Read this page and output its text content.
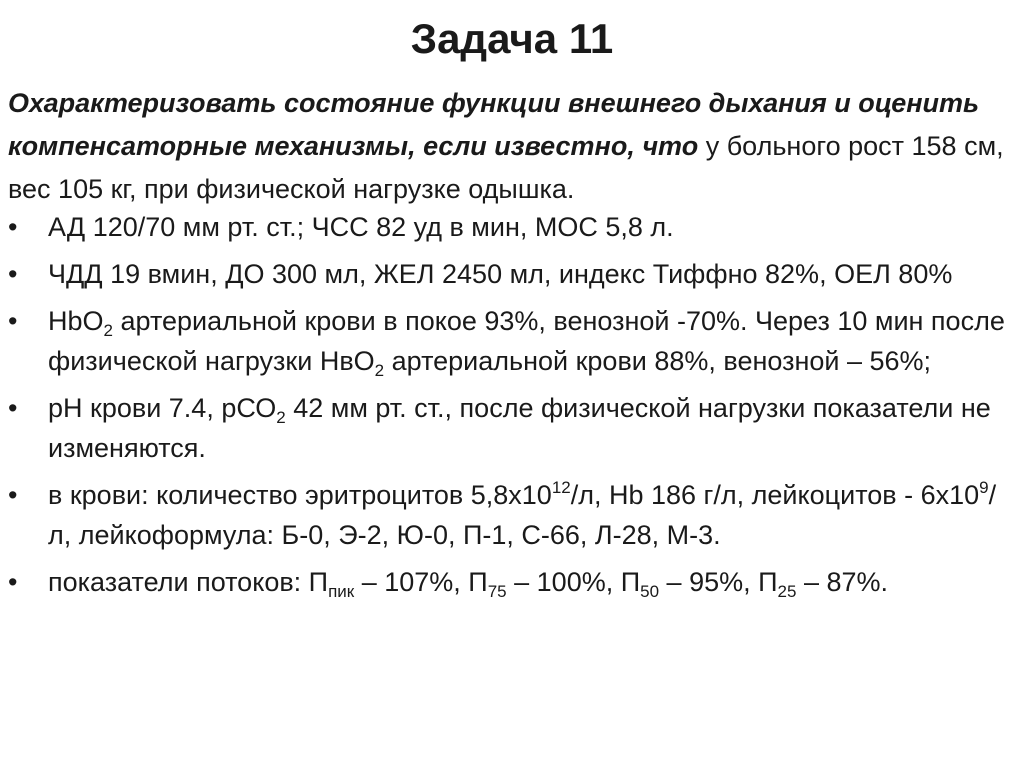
Задача 11
Охарактеризовать состояние функции внешнего дыхания и оценить компенсаторные механизмы, если известно, что у больного рост 158 см, вес 105 кг, при физической нагрузке одышка.
•	АД 120/70 мм рт. ст.; ЧСС 82 уд в мин, МОС 5,8 л.
•	ЧДД 19 вмин, ДО 300 мл, ЖЕЛ 2450 мл, индекс Тиффно 82%, ОЕЛ 80%
•	HbO$_2$ артериальной крови в покое 93%, венозной -70%. Через 10 мин после физической нагрузки НвО$_2$ артериальной крови 88%, венозной – 56%;
•	pH крови 7.4, рСО$_2$ 42 мм рт. ст., после физической нагрузки показатели не изменяются.
•	в крови: количество эритроцитов $5,8х10^{12}/л$, Hb 186 г/л, лейкоцитов - $6х10^9/л$, лейкоформула: Б-0, Э-2, Ю-0, П-1, С-66, Л-28, М-3.
•	показатели потоков: $П_{пик} - 107\%$, $П_{75} - 100\%$, $П_{50} - 95\%$, $П_{25} - 87\%$.
